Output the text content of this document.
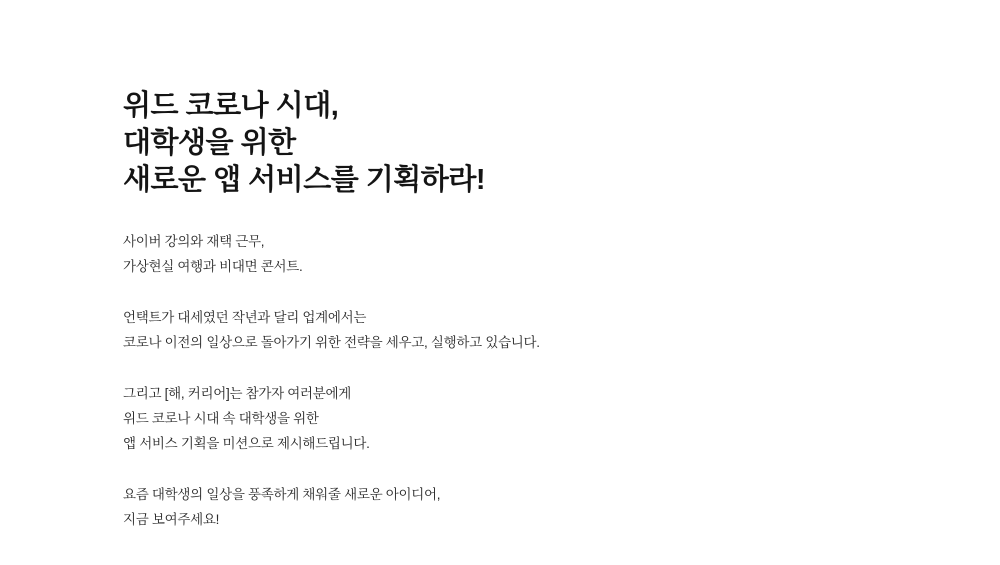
위드 코로나 시대,
대학생을 위한
새로운 앱 서비스를 기획하라!
사이버 강의와 재택 근무,
가상현실 여행과 비대면 콘서트.
언택트가 대세였던 작년과 달리 업계에서는
코로나 이전의 일상으로 돌아가기 위한 전략을 세우고, 실행하고 있습니다.
그리고 [해, 커리어]는 참가자 여러분에게
위드 코로나 시대 속 대학생을 위한
앱 서비스 기획을 미션으로 제시해드립니다.
요즘 대학생의 일상을 풍족하게 채워줄 새로운 아이디어,
지금 보여주세요!
